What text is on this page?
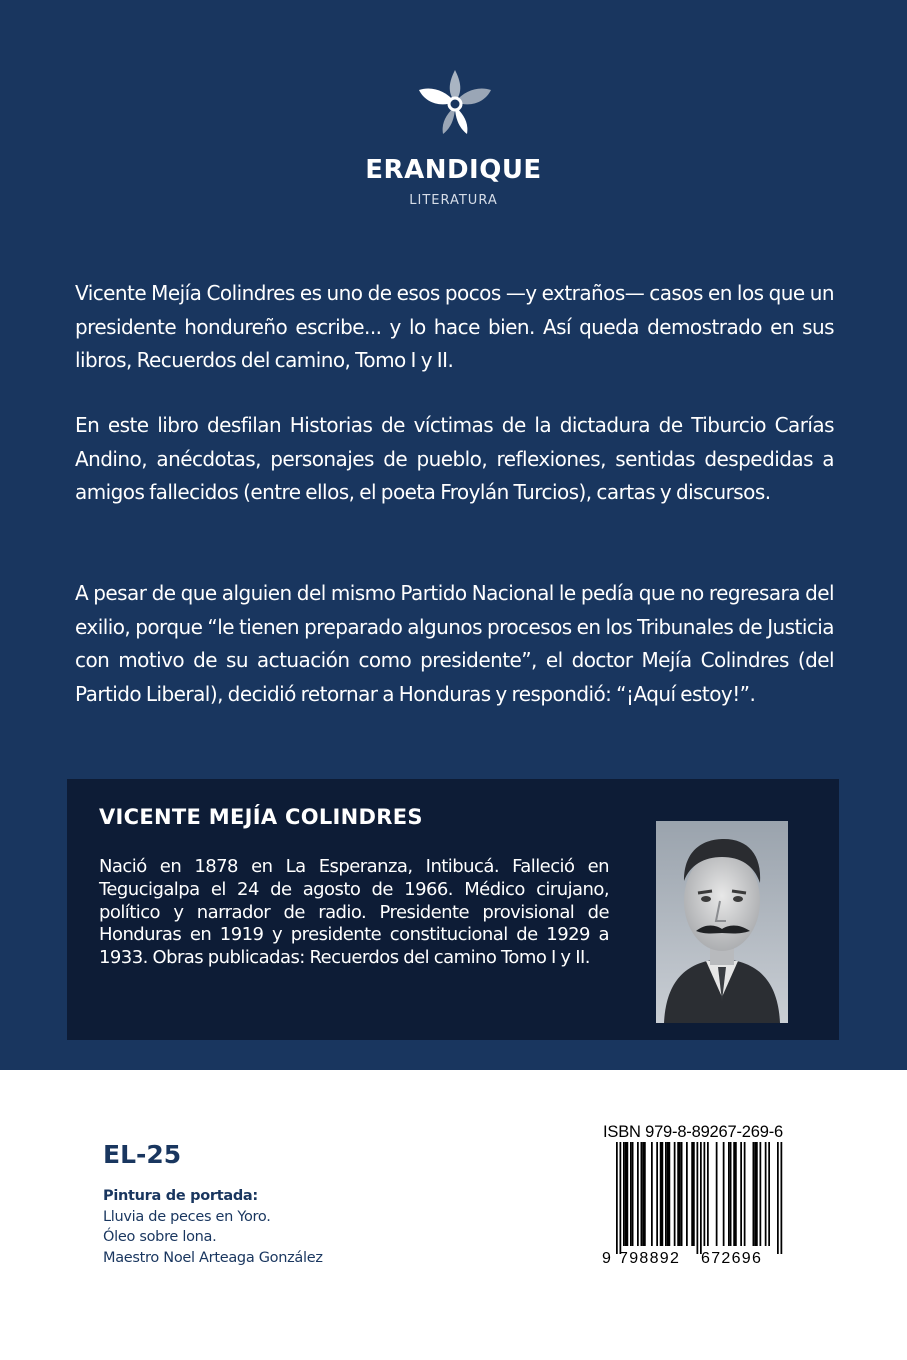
ERANDIQUE
LITERATURA

Vicente Mejía Colindres es uno de esos pocos —y extraños— casos en los que un presidente hondureño escribe... y lo hace bien. Así queda demostrado en sus libros, Recuerdos del camino, Tomo I y II.

En este libro desfilan Historias de víctimas de la dictadura de Tiburcio Carías Andino, anécdotas, personajes de pueblo, reflexiones, sentidas despedidas a amigos fallecidos (entre ellos, el poeta Froylán Turcios), cartas y discursos.

A pesar de que alguien del mismo Partido Nacional le pedía que no regresara del exilio, porque “le tienen preparado algunos procesos en los Tribunales de Justicia con motivo de su actuación como presidente”, el doctor Mejía Colindres (del Partido Liberal), decidió retornar a Honduras y respondió: “¡Aquí estoy!”.

VICENTE MEJÍA COLINDRES

Nació en 1878 en La Esperanza, Intibucá. Falleció en Tegucigalpa el 24 de agosto de 1966. Médico cirujano, político y narrador de radio. Presidente provisional de Honduras en 1919 y presidente constitucional de 1929 a 1933. Obras publicadas: Recuerdos del camino Tomo I y II.

EL-25
Pintura de portada:
Lluvia de peces en Yoro.
Óleo sobre lona.
Maestro Noel Arteaga González
ISBN 979-8-89267-269-6
9 798892 672696
